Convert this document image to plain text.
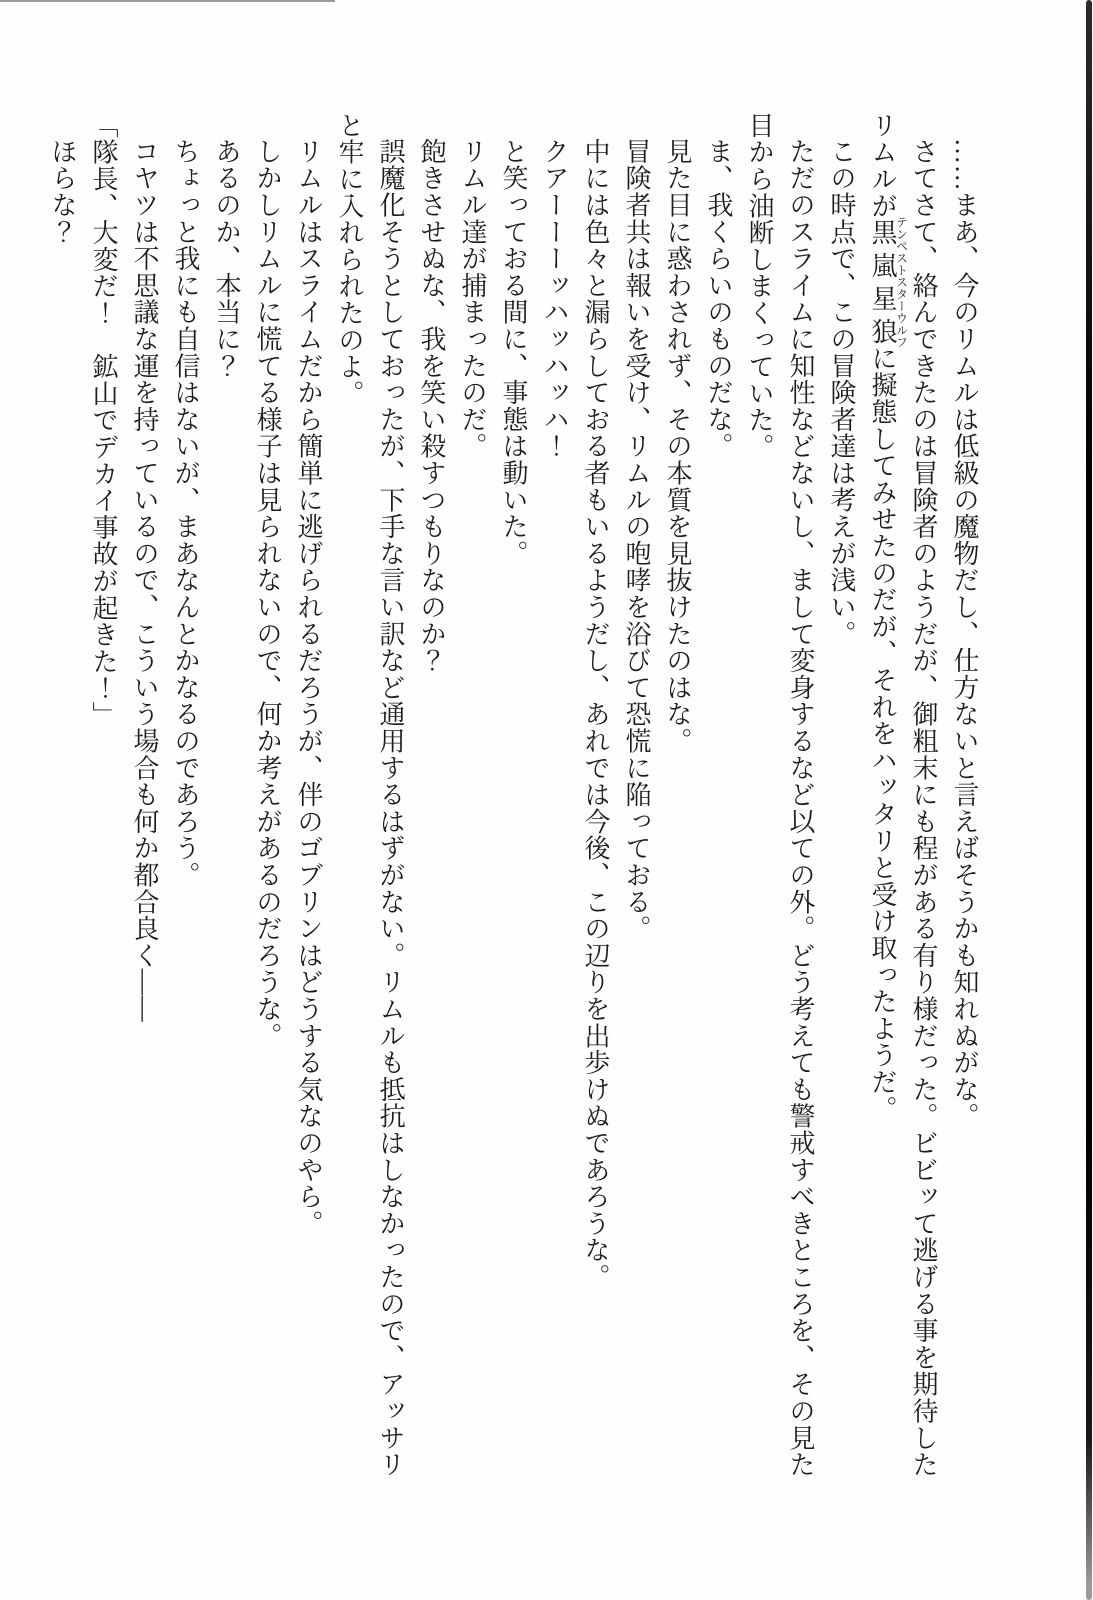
……まあ、今のリムルは低級の魔物だし、仕方ないと言えばそうかも知れぬがな。

さてさて、絡んできたのは冒険者のようだが、御粗末にも程がある有り様だった。ビビッて逃げる事を期待したリムルが黒嵐星狼テンペストスターウルフに擬態してみせたのだが、それをハッタリと受け取ったようだ。

この時点で、この冒険者達は考えが浅い。

ただのスライムに知性などないし、まして変身するなど以ての外。どう考えても警戒すべきところを、その見た目から油断しまくっていた。

ま、我くらいのものだな。

見た目に惑わされず、その本質を見抜けたのはな。

冒険者共は報いを受け、リムルの咆哮を浴びて恐慌に陥っておる。

中には色々と漏らしておる者もいるようだし、あれでは今後、この辺りを出歩けぬであろうな。

クアーーーッハッハッハ！

と笑っておる間に、事態は動いた。

リムル達が捕まったのだ。

飽きさせぬな、我を笑い殺すつもりなのか？

誤魔化そうとしておったが、下手な言い訳など通用するはずがない。リムルも抵抗はしなかったので、アッサリと牢に入れられたのよ。

リムルはスライムだから簡単に逃げられるだろうが、伴のゴブリンはどうする気なのやら。

しかしリムルに慌てる様子は見られないので、何か考えがあるのだろうな。

あるのか、本当に？

ちょっと我にも自信はないが、まあなんとかなるのであろう。

コヤツは不思議な運を持っているので、こういう場合も何か都合良く――

「隊長、大変だ！　鉱山でデカイ事故が起きた！」

ほらな？
